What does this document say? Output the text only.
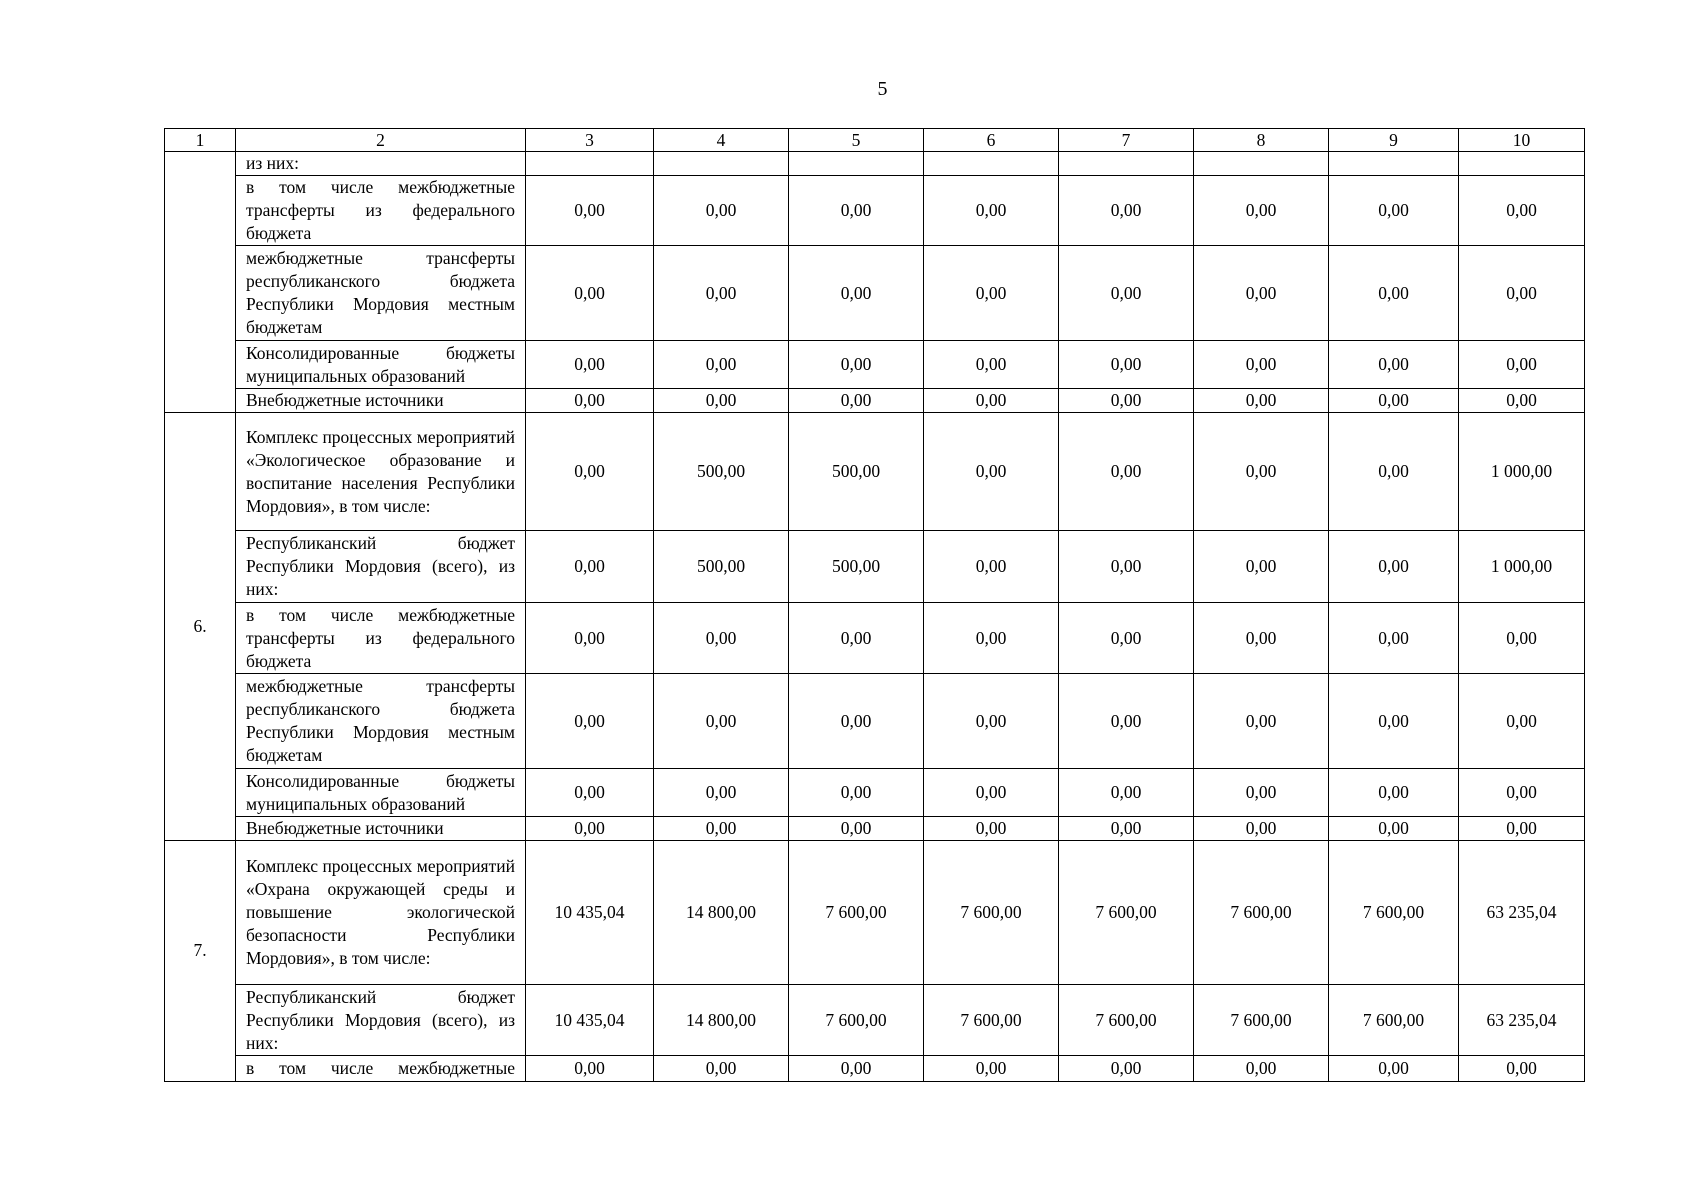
5
1	2	3	4	5	6	7	8	9	10
	из них:								
	в том числе межбюджетные трансферты из федерального бюджета	0,00	0,00	0,00	0,00	0,00	0,00	0,00	0,00
	межбюджетные трансферты республиканского бюджета Республики Мордовия местным бюджетам	0,00	0,00	0,00	0,00	0,00	0,00	0,00	0,00
	Консолидированные бюджеты муниципальных образований	0,00	0,00	0,00	0,00	0,00	0,00	0,00	0,00
	Внебюджетные источники	0,00	0,00	0,00	0,00	0,00	0,00	0,00	0,00
6.	Комплекс процессных мероприятий «Экологическое образование и воспитание населения Республики Мордовия», в том числе:	0,00	500,00	500,00	0,00	0,00	0,00	0,00	1 000,00
	Республиканский бюджет Республики Мордовия (всего), из них:	0,00	500,00	500,00	0,00	0,00	0,00	0,00	1 000,00
	в том числе межбюджетные трансферты из федерального бюджета	0,00	0,00	0,00	0,00	0,00	0,00	0,00	0,00
	межбюджетные трансферты республиканского бюджета Республики Мордовия местным бюджетам	0,00	0,00	0,00	0,00	0,00	0,00	0,00	0,00
	Консолидированные бюджеты муниципальных образований	0,00	0,00	0,00	0,00	0,00	0,00	0,00	0,00
	Внебюджетные источники	0,00	0,00	0,00	0,00	0,00	0,00	0,00	0,00
7.	Комплекс процессных мероприятий «Охрана окружающей среды и повышение экологической безопасности Республики Мордовия», в том числе:	10 435,04	14 800,00	7 600,00	7 600,00	7 600,00	7 600,00	7 600,00	63 235,04
	Республиканский бюджет Республики Мордовия (всего), из них:	10 435,04	14 800,00	7 600,00	7 600,00	7 600,00	7 600,00	7 600,00	63 235,04
	в том числе межбюджетные	0,00	0,00	0,00	0,00	0,00	0,00	0,00	0,00
